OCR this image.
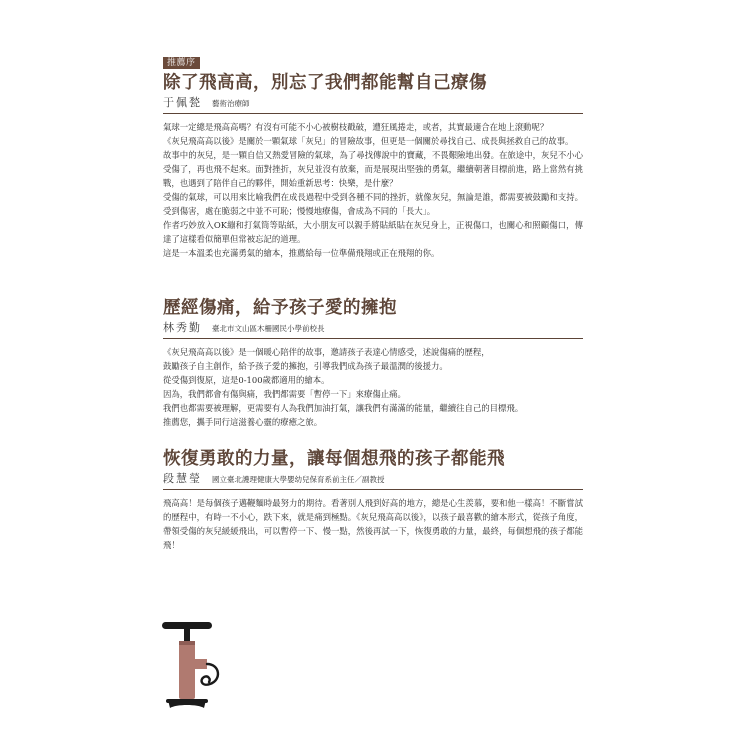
推薦序
除了飛高高，別忘了我們都能幫自己療傷
于佩甃 藝術治療師

氣球一定總是飛高高嗎？有沒有可能不小心被樹枝戳破，遭狂風捲走，或者，其實最適合在地上滾動呢？

《灰兒飛高高以後》是關於一顆氣球「灰兒」的冒險故事，但更是一個關於尋找自己、成長與拯救自己的故事。

故事中的灰兒，是一顆自信又熱愛冒險的氣球，為了尋找傳說中的寶藏，不畏艱險地出發。在旅途中，灰兒不小心受傷了，再也飛不起來。面對挫折，灰兒並沒有放棄，而是展現出堅強的勇氣，繼續朝著目標前進，路上當然有挑戰，也遇到了陪伴自己的夥伴，開始重新思考：快樂，是什麼？

受傷的氣球，可以用來比喻我們在成長過程中受到各種不同的挫折，就像灰兒，無論是誰，都需要被鼓勵和支持。受到傷害，處在脆弱之中並不可恥；慢慢地療傷，會成為不同的「長大」。

作者巧妙放入OK繃和打氣筒等貼紙，大小朋友可以親手將貼紙貼在灰兒身上，正視傷口，也關心和照顧傷口，傳達了這樣看似簡單但常被忘記的道理。

這是一本溫柔也充滿勇氣的繪本，推薦給每一位準備飛翔或正在飛翔的你。

歷經傷痛，給予孩子愛的擁抱
林秀勤 臺北市文山區木柵國民小學前校長

《灰兒飛高高以後》是一個暖心陪伴的故事，邀請孩子表達心情感受，述說傷痛的歷程，

鼓勵孩子自主創作，給予孩子愛的擁抱，引導我們成為孩子最溫潤的後援力。

從受傷到復原，這是0-100歲都適用的繪本。

因為，我們都會有傷與痛，我們都需要「暫停一下」來療傷止痛。

我們也都需要被理解，更需要有人為我們加油打氣，讓我們有滿滿的能量，繼續往自己的目標飛。

推薦您，攜手同行這滋養心靈的療癒之旅。

恢復勇敢的力量，讓每個想飛的孩子都能飛
段慧瑩 國立臺北護理健康大學嬰幼兒保育系前主任／副教授

飛高高！是每個孩子邁鞭麵時最努力的期待。看著別人飛到好高的地方，總是心生羨慕，要和他一樣高！不斷嘗試的歷程中，有時一不小心，跌下來，就是痛到極點。《灰兒飛高高以後》，以孩子最喜歡的繪本形式，從孩子角度，帶領受傷的灰兒緩緩飛出，可以暫停一下、慢一點，然後再試一下，恢復勇敢的力量，最終，每個想飛的孩子都能飛！
